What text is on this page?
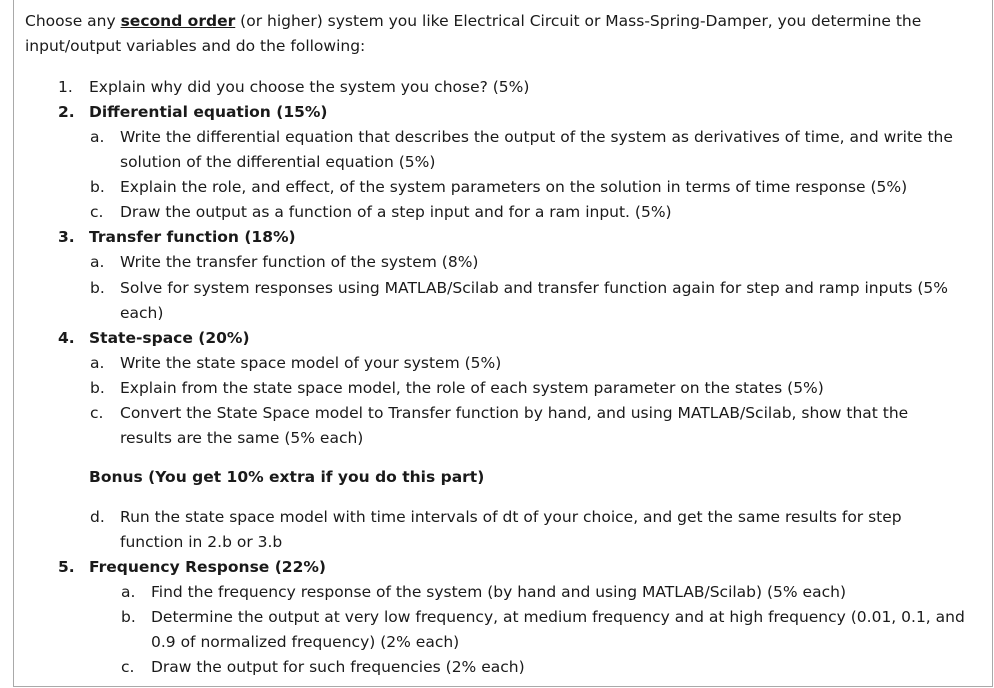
Choose any second order (or higher) system you like Electrical Circuit or Mass-Spring-Damper, you determine the
input/output variables and do the following:
1. Explain why did you choose the system you chose? (5%)
2. Differential equation (15%)
a. Write the differential equation that describes the output of the system as derivatives of time, and write the
solution of the differential equation (5%)
b. Explain the role, and effect, of the system parameters on the solution in terms of time response (5%)
c. Draw the output as a function of a step input and for a ram input. (5%)
3. Transfer function (18%)
a. Write the transfer function of the system (8%)
b. Solve for system responses using MATLAB/Scilab and transfer function again for step and ramp inputs (5%
each)
4. State-space (20%)
a. Write the state space model of your system (5%)
b. Explain from the state space model, the role of each system parameter on the states (5%)
c. Convert the State Space model to Transfer function by hand, and using MATLAB/Scilab, show that the
results are the same (5% each)
Bonus (You get 10% extra if you do this part)
d. Run the state space model with time intervals of dt of your choice, and get the same results for step
function in 2.b or 3.b
5. Frequency Response (22%)
a. Find the frequency response of the system (by hand and using MATLAB/Scilab) (5% each)
b. Determine the output at very low frequency, at medium frequency and at high frequency (0.01, 0.1, and
0.9 of normalized frequency) (2% each)
c. Draw the output for such frequencies (2% each)
